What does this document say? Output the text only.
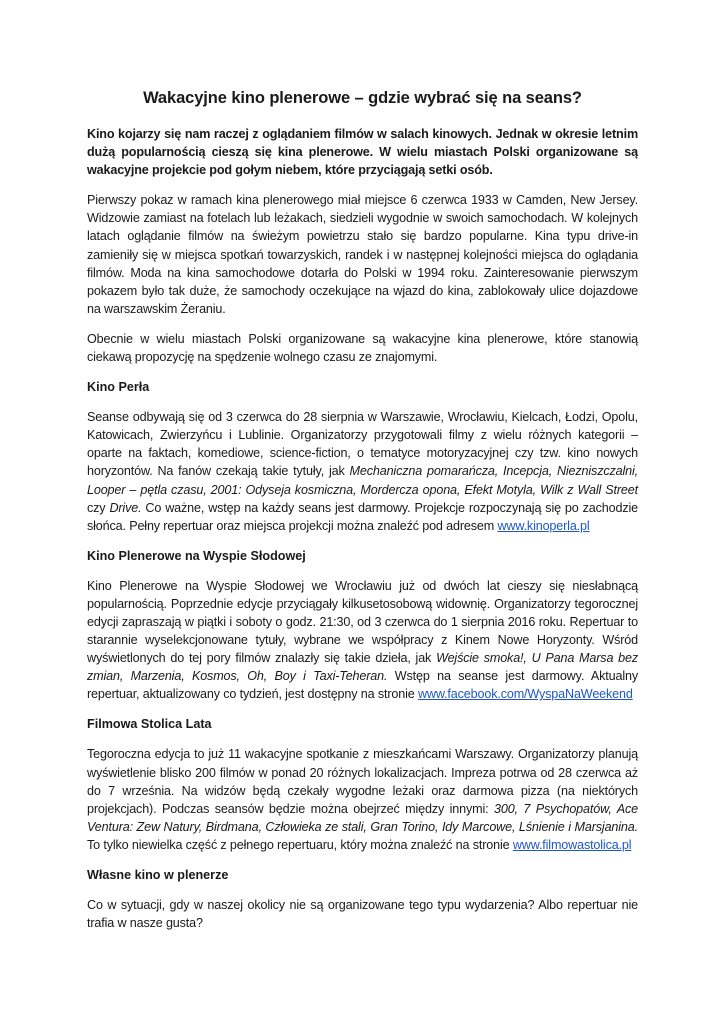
Wakacyjne kino plenerowe – gdzie wybrać się na seans?

Kino kojarzy się nam raczej z oglądaniem filmów w salach kinowych. Jednak w okresie letnim dużą popularnością cieszą się kina plenerowe. W wielu miastach Polski organizowane są wakacyjne projekcie pod gołym niebem, które przyciągają setki osób.

Pierwszy pokaz w ramach kina plenerowego miał miejsce 6 czerwca 1933 w Camden, New Jersey. Widzowie zamiast na fotelach lub leżakach, siedzieli wygodnie w swoich samochodach. W kolejnych latach oglądanie filmów na świeżym powietrzu stało się bardzo popularne. Kina typu drive-in zamieniły się w miejsca spotkań towarzyskich, randek i w następnej kolejności miejsca do oglądania filmów. Moda na kina samochodowe dotarła do Polski w 1994 roku. Zainteresowanie pierwszym pokazem było tak duże, że samochody oczekujące na wjazd do kina, zablokowały ulice dojazdowe na warszawskim Żeraniu.

Obecnie w wielu miastach Polski organizowane są wakacyjne kina plenerowe, które stanowią ciekawą propozycję na spędzenie wolnego czasu ze znajomymi.

Kino Perła

Seanse odbywają się od 3 czerwca do 28 sierpnia w Warszawie, Wrocławiu, Kielcach, Łodzi, Opolu, Katowicach, Zwierzyńcu i Lublinie. Organizatorzy przygotowali filmy z wielu różnych kategorii – oparte na faktach, komediowe, science-fiction, o tematyce motoryzacyjnej czy tzw. kino nowych horyzontów. Na fanów czekają takie tytuły, jak Mechaniczna pomarańcza, Incepcja, Niezniszczalni, Looper – pętla czasu, 2001: Odyseja kosmiczna, Mordercza opona, Efekt Motyla, Wilk z Wall Street czy Drive. Co ważne, wstęp na każdy seans jest darmowy. Projekcje rozpoczynają się po zachodzie słońca. Pełny repertuar oraz miejsca projekcji można znaleźć pod adresem www.kinoperla.pl

Kino Plenerowe na Wyspie Słodowej

Kino Plenerowe na Wyspie Słodowej we Wrocławiu już od dwóch lat cieszy się niesłabnącą popularnością. Poprzednie edycje przyciągały kilkusetosobową widownię. Organizatorzy tegorocznej edycji zapraszają w piątki i soboty o godz. 21:30, od 3 czerwca do 1 sierpnia 2016 roku. Repertuar to starannie wyselekcjonowane tytuły, wybrane we współpracy z Kinem Nowe Horyzonty. Wśród wyświetlonych do tej pory filmów znalazły się takie dzieła, jak Wejście smoka!, U Pana Marsa bez zmian, Marzenia, Kosmos, Oh, Boy i Taxi-Teheran. Wstęp na seanse jest darmowy. Aktualny repertuar, aktualizowany co tydzień, jest dostępny na stronie www.facebook.com/WyspaNaWeekend

Filmowa Stolica Lata

Tegoroczna edycja to już 11 wakacyjne spotkanie z mieszkańcami Warszawy. Organizatorzy planują wyświetlenie blisko 200 filmów w ponad 20 różnych lokalizacjach. Impreza potrwa od 28 czerwca aż do 7 września. Na widzów będą czekały wygodne leżaki oraz darmowa pizza (na niektórych projekcjach). Podczas seansów będzie można obejrzeć między innymi: 300, 7 Psychopatów, Ace Ventura: Zew Natury, Birdmana, Człowieka ze stali, Gran Torino, Idy Marcowe, Lśnienie i Marsjanina. To tylko niewielka część z pełnego repertuaru, który można znaleźć na stronie www.filmowastolica.pl

Własne kino w plenerze

Co w sytuacji, gdy w naszej okolicy nie są organizowane tego typu wydarzenia? Albo repertuar nie trafia w nasze gusta?
